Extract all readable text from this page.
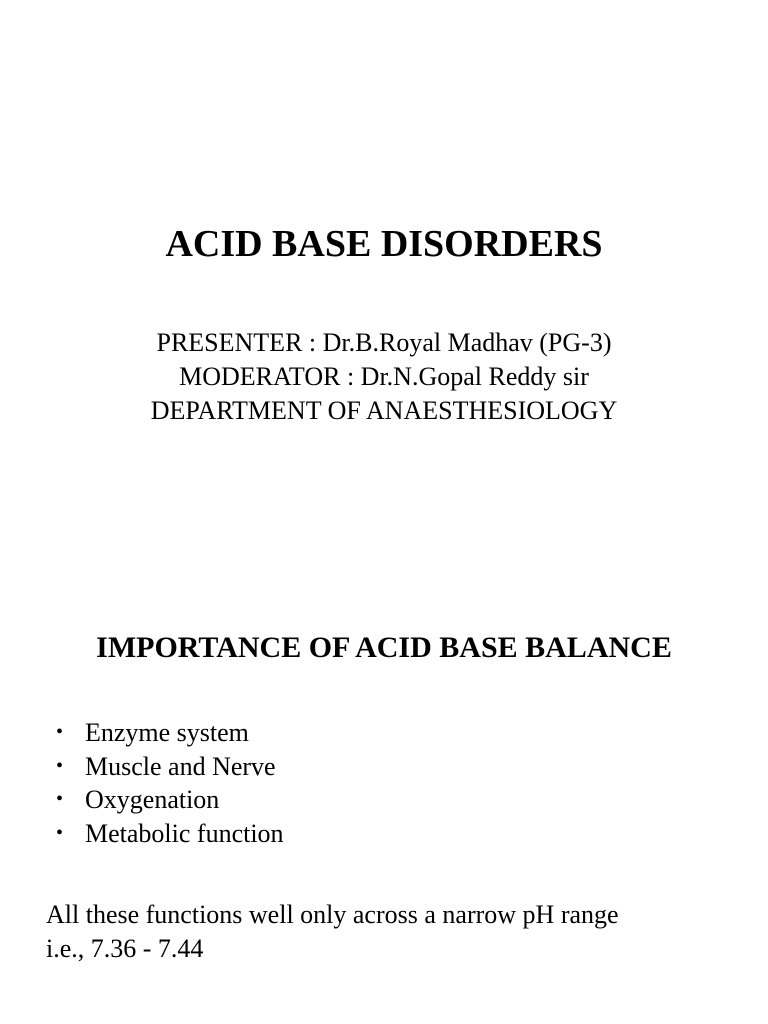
ACID BASE DISORDERS
PRESENTER : Dr.B.Royal Madhav (PG-3)
MODERATOR : Dr.N.Gopal Reddy sir
DEPARTMENT OF ANAESTHESIOLOGY
IMPORTANCE OF ACID BASE BALANCE
• Enzyme system
• Muscle and Nerve
• Oxygenation
• Metabolic function

All these functions well only across a narrow pH range
i.e., 7.36 - 7.44
